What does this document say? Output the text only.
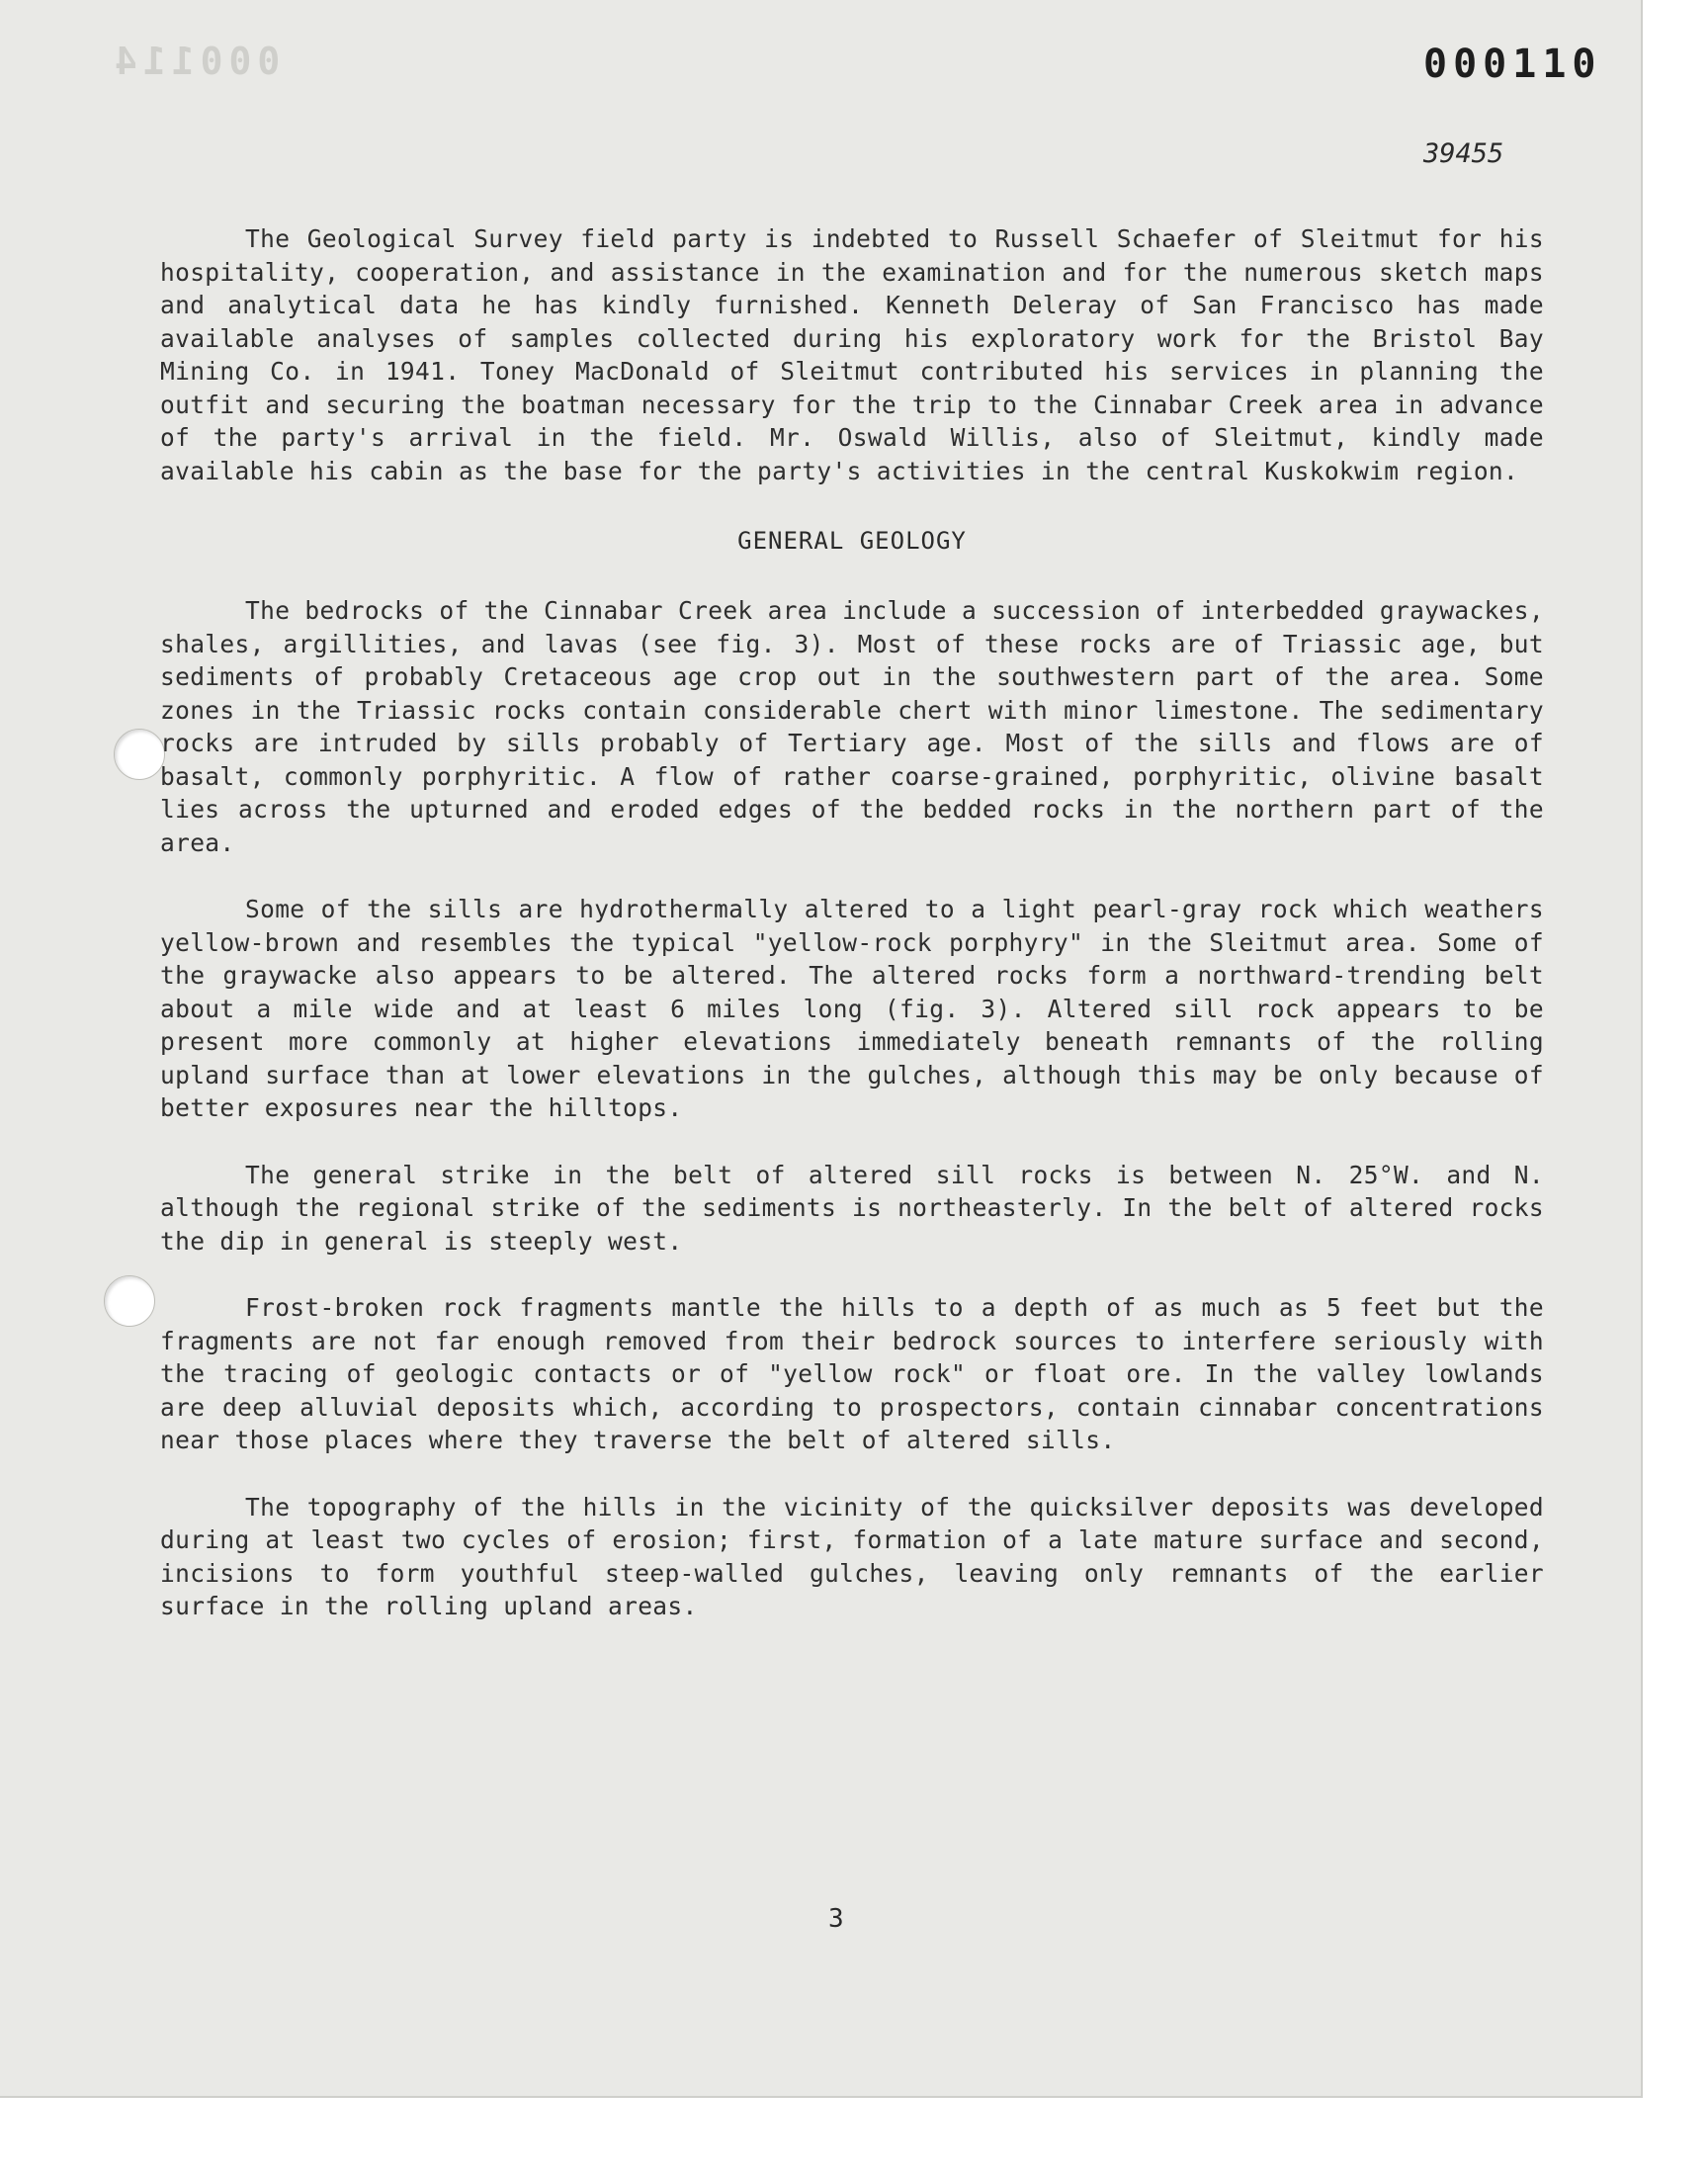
000114	000110
39455

The Geological Survey field party is indebted to Russell Schaefer of Sleitmut for his hospitality, cooperation, and assistance in the examination and for the numerous sketch maps and analytical data he has kindly furnished. Kenneth Deleray of San Francisco has made available analyses of samples collected during his exploratory work for the Bristol Bay Mining Co. in 1941. Toney MacDonald of Sleitmut contributed his services in planning the outfit and securing the boatman necessary for the trip to the Cinnabar Creek area in advance of the party's arrival in the field. Mr. Oswald Willis, also of Sleitmut, kindly made available his cabin as the base for the party's activities in the central Kuskokwim region.

GENERAL GEOLOGY

The bedrocks of the Cinnabar Creek area include a succession of interbedded graywackes, shales, argillities, and lavas (see fig. 3). Most of these rocks are of Triassic age, but sediments of probably Cretaceous age crop out in the southwestern part of the area. Some zones in the Triassic rocks contain considerable chert with minor limestone. The sedimentary rocks are intruded by sills probably of Tertiary age. Most of the sills and flows are of basalt, commonly porphyritic. A flow of rather coarse-grained, porphyritic, olivine basalt lies across the upturned and eroded edges of the bedded rocks in the northern part of the area.

Some of the sills are hydrothermally altered to a light pearl-gray rock which weathers yellow-brown and resembles the typical "yellow-rock porphyry" in the Sleitmut area. Some of the graywacke also appears to be altered. The altered rocks form a northward-trending belt about a mile wide and at least 6 miles long (fig. 3). Altered sill rock appears to be present more commonly at higher elevations immediately beneath remnants of the rolling upland surface than at lower elevations in the gulches, although this may be only because of better exposures near the hilltops.

The general strike in the belt of altered sill rocks is between N. 25°W. and N. although the regional strike of the sediments is northeasterly. In the belt of altered rocks the dip in general is steeply west.

Frost-broken rock fragments mantle the hills to a depth of as much as 5 feet but the fragments are not far enough removed from their bedrock sources to interfere seriously with the tracing of geologic contacts or of "yellow rock" or float ore. In the valley lowlands are deep alluvial deposits which, according to prospectors, contain cinnabar concentrations near those places where they traverse the belt of altered sills.

The topography of the hills in the vicinity of the quicksilver deposits was developed during at least two cycles of erosion; first, formation of a late mature surface and second, incisions to form youthful steep-walled gulches, leaving only remnants of the earlier surface in the rolling upland areas.

3
